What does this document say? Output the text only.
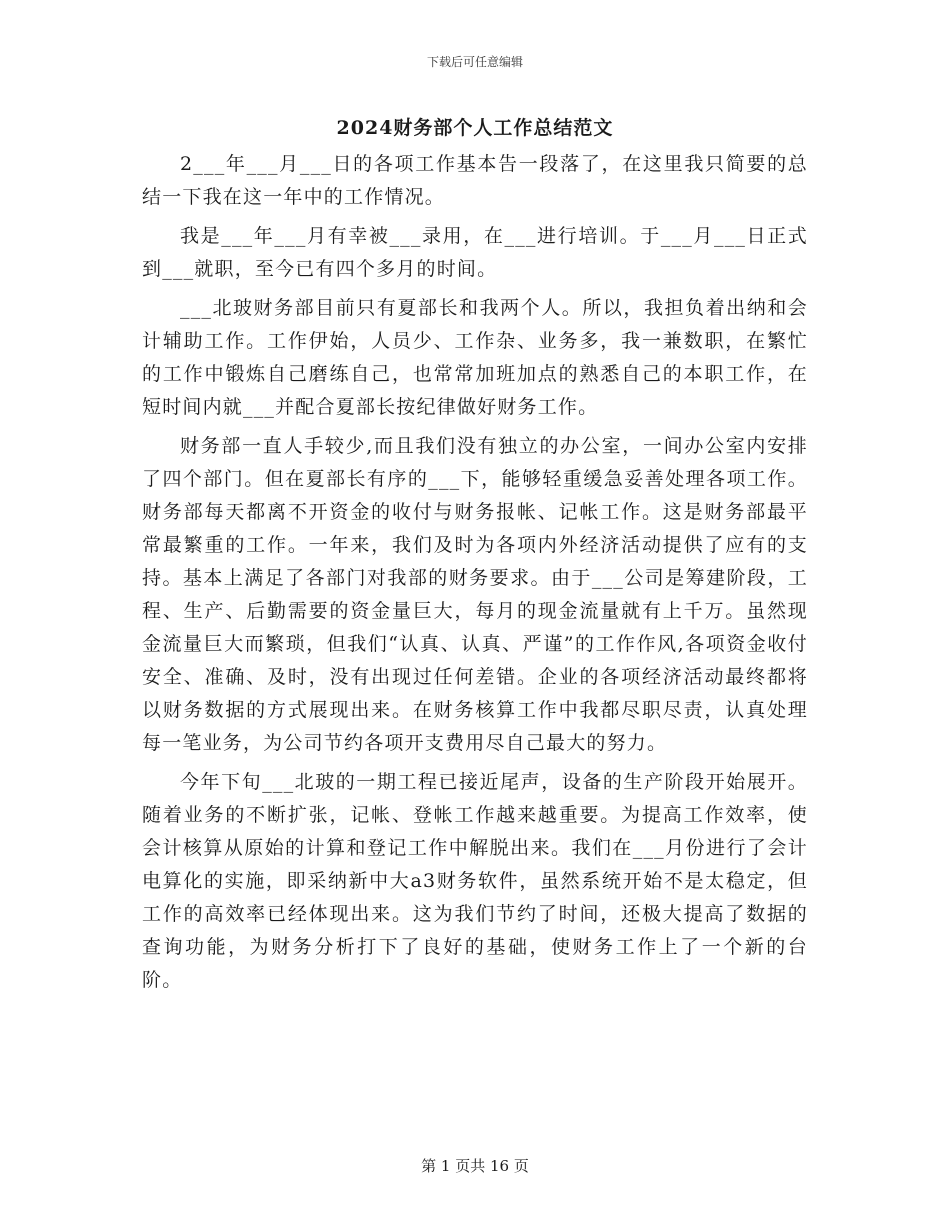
下载后可任意编辑
2024财务部个人工作总结范文

2___年___月___日的各项工作基本告一段落了，在这里我只简要的总结一下我在这一年中的工作情况。

我是___年___月有幸被___录用，在___进行培训。于___月___日正式到___就职，至今已有四个多月的时间。

___北玻财务部目前只有夏部长和我两个人。所以，我担负着出纳和会计辅助工作。工作伊始，人员少、工作杂、业务多，我一兼数职，在繁忙的工作中锻炼自己磨练自己，也常常加班加点的熟悉自己的本职工作，在短时间内就___并配合夏部长按纪律做好财务工作。

财务部一直人手较少,而且我们没有独立的办公室，一间办公室内安排了四个部门。但在夏部长有序的___下，能够轻重缓急妥善处理各项工作。财务部每天都离不开资金的收付与财务报帐、记帐工作。这是财务部最平常最繁重的工作。一年来，我们及时为各项内外经济活动提供了应有的支持。基本上满足了各部门对我部的财务要求。由于___公司是筹建阶段，工程、生产、后勤需要的资金量巨大，每月的现金流量就有上千万。虽然现金流量巨大而繁琐，但我们“认真、认真、严谨”的工作作风,各项资金收付安全、准确、及时，没有出现过任何差错。企业的各项经济活动最终都将以财务数据的方式展现出来。在财务核算工作中我都尽职尽责，认真处理每一笔业务，为公司节约各项开支费用尽自己最大的努力。

今年下旬___北玻的一期工程已接近尾声，设备的生产阶段开始展开。随着业务的不断扩张，记帐、登帐工作越来越重要。为提高工作效率，使会计核算从原始的计算和登记工作中解脱出来。我们在___月份进行了会计电算化的实施，即采纳新中大a3财务软件，虽然系统开始不是太稳定，但工作的高效率已经体现出来。这为我们节约了时间，还极大提高了数据的查询功能，为财务分析打下了良好的基础，使财务工作上了一个新的台阶。

第 1 页共 16 页
